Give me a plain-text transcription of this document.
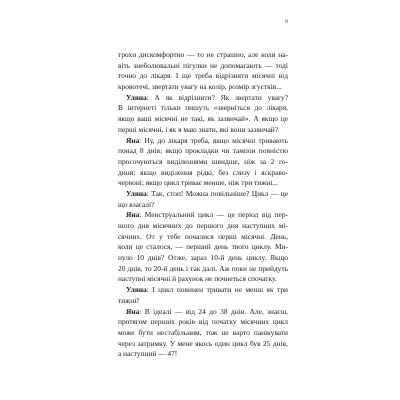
9
трохи дискомфортно — то не страшно, але коли на-
віть знеболювальні пігулки не допомагають — тоді
точно до лікаря. І ще треба відрізняти місячні від
кровотечі, звертати увагу на колір, розмір згустків...
Уляна: А як відрізнити? Як звертати увагу?
В інтернеті тільки пишуть «зверніться до лікаря,
якщо ваші місячні не такі, як зазвичай». А якщо це
перші місячні, і як я маю знати, які вони зазвичай?
Яна: Ну, до лікаря треба, якщо місячні тривають
понад 8 днів; якщо прокладки чи тампон повністю
просочуються виділеннями швидше, ніж за 2 го-
дини; якщо виділення рідкі, без слизу і яскраво-
червоні; якщо цикл триває менше, ніж три тижні...
Уляна: Так, стоп! Можна повільніше? Цикл — це
що взагалі?
Яна: Менструальний цикл — це період від пер-
шого дня місячних до першого дня наступних мі-
сячних. От у тебе почалися перші місячні. День,
коли це сталося, — перший день твого циклу. Ми-
нуло 10 днів? Отже, зараз 10-й день циклу. Якщо
20 днів, то 20-й день і так далі. Аж поки не прийдуть
наступні місячні й рахунок не почнеться спочатку.
Уляна: І цикл повинен тривати не менш як три
тижні?
Яна: В ідеалі — від 24 до 38 днів. Але, знаєш,
протягом перших років від початку місячних цикл
може бути нестабільним, тож не варто панікувати
через затримку. У мене якось один цикл був 25 днів,
а наступний — 47!
